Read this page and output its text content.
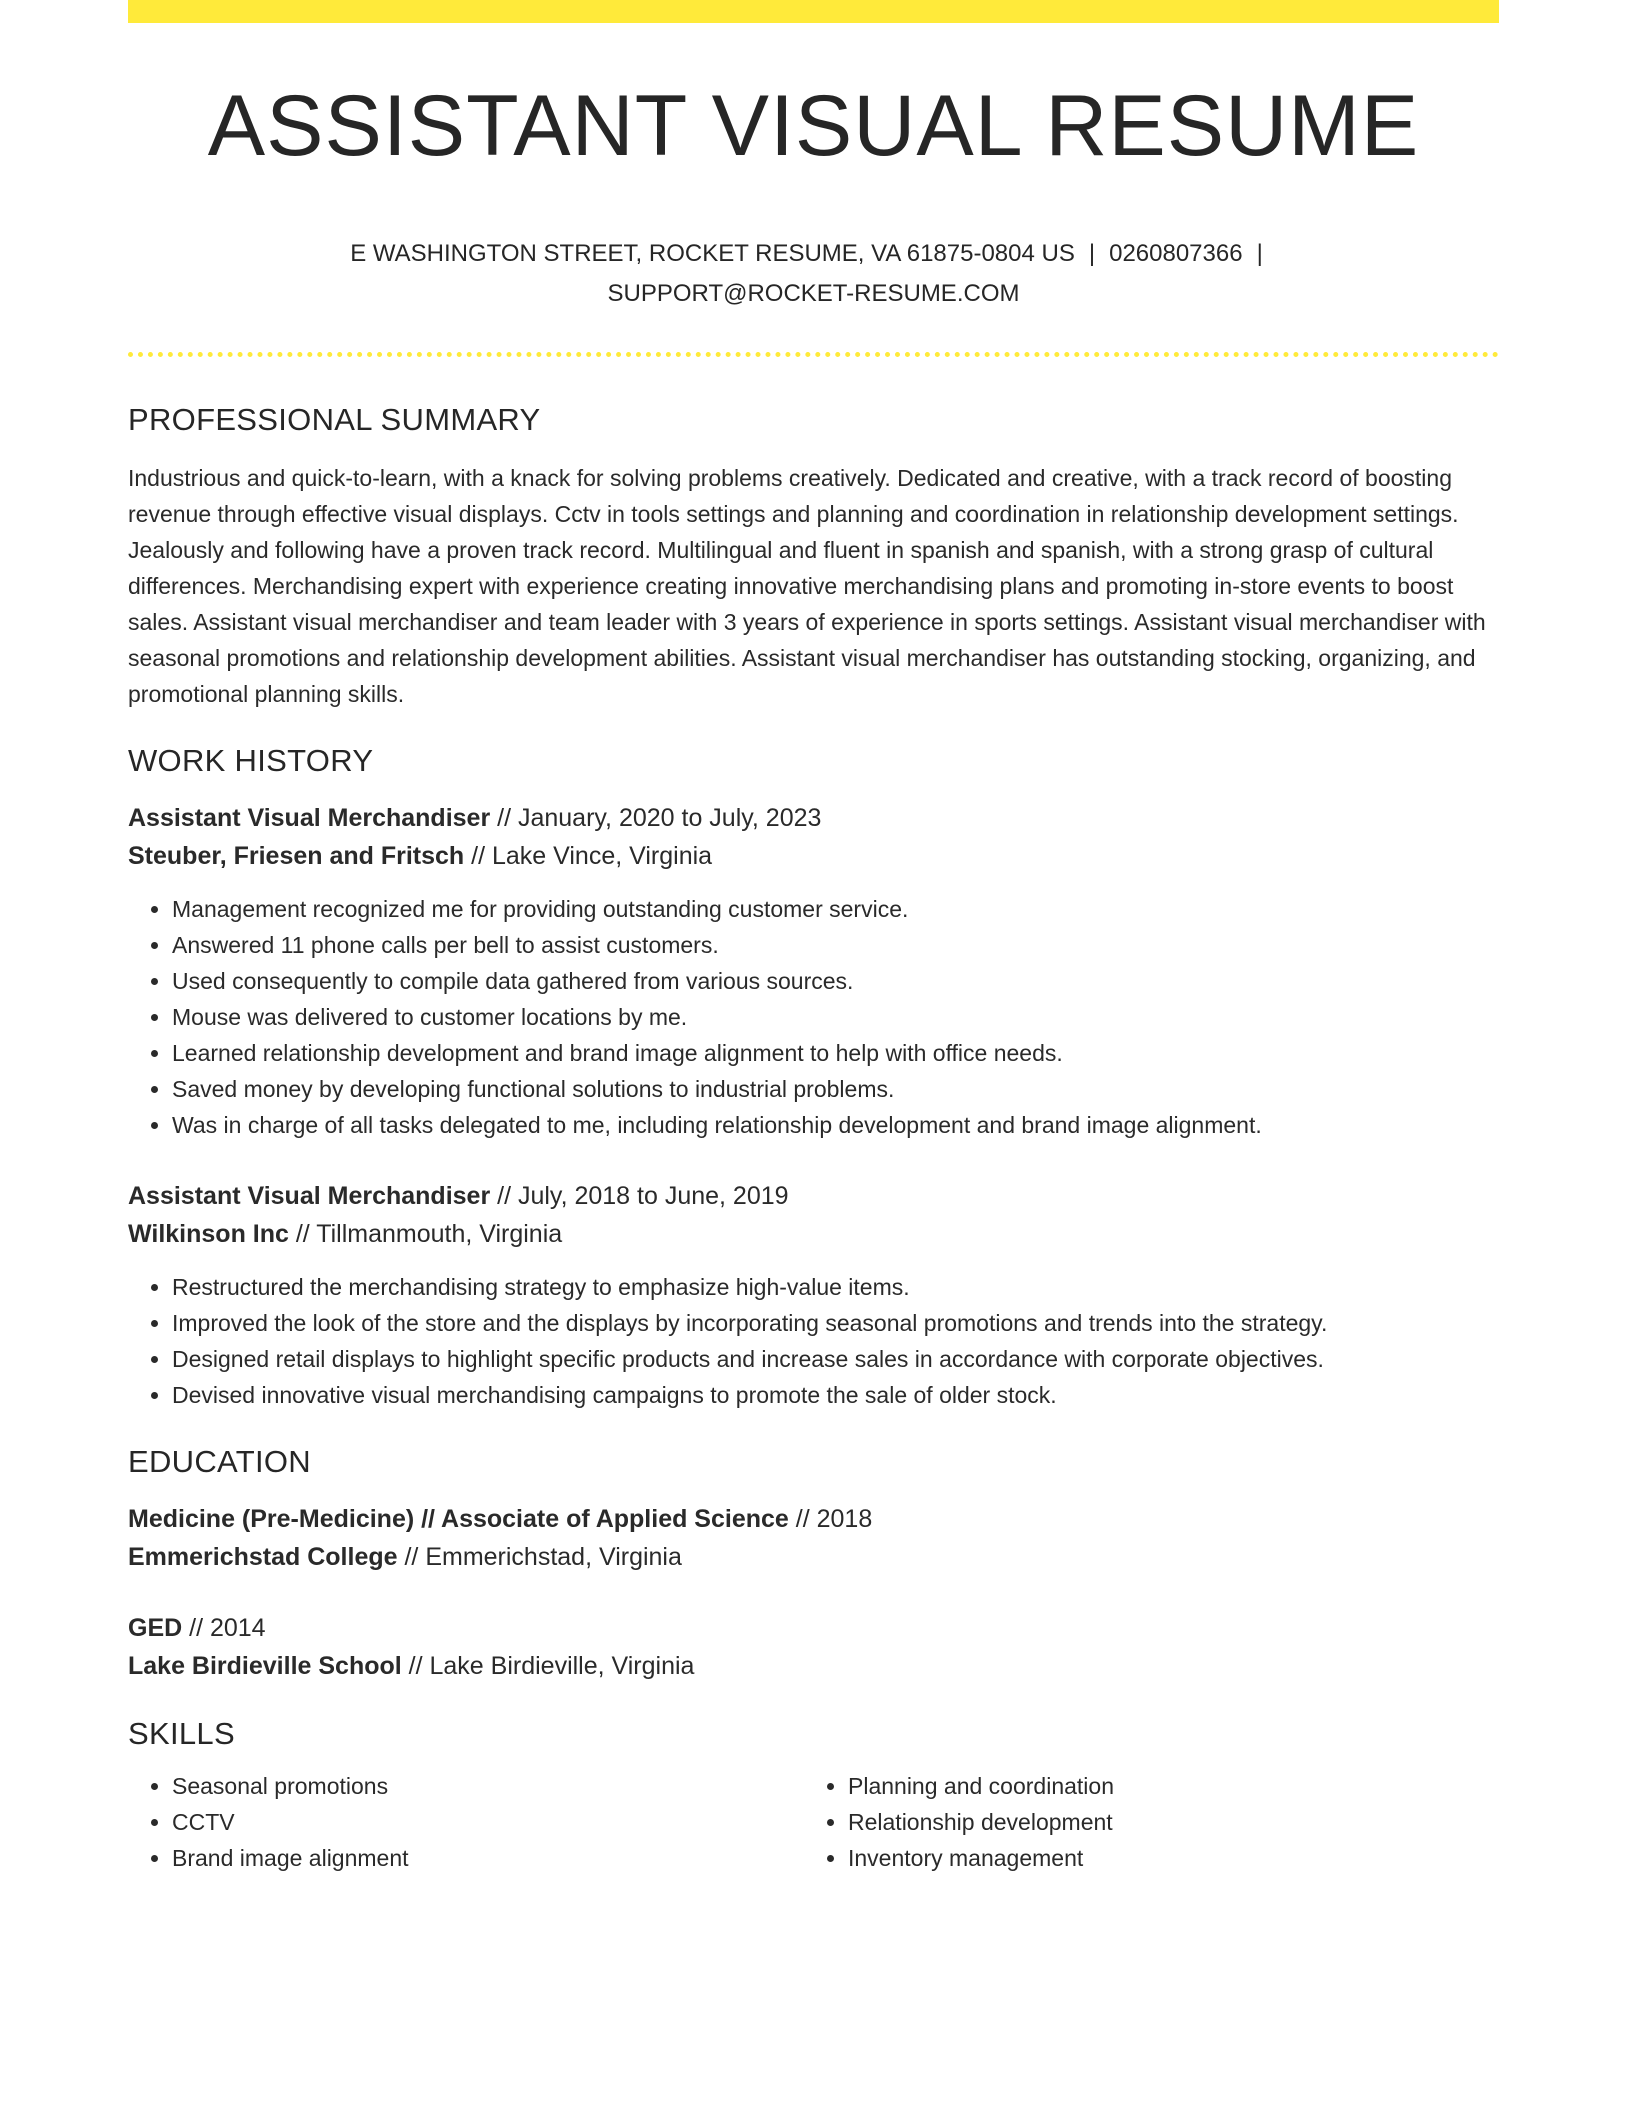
ASSISTANT VISUAL RESUME
E WASHINGTON STREET, ROCKET RESUME, VA 61875-0804 US | 0260807366 |
SUPPORT@ROCKET-RESUME.COM
PROFESSIONAL SUMMARY

Industrious and quick-to-learn, with a knack for solving problems creatively. Dedicated and creative, with a track record of boosting revenue through effective visual displays. Cctv in tools settings and planning and coordination in relationship development settings. Jealously and following have a proven track record. Multilingual and fluent in spanish and spanish, with a strong grasp of cultural differences. Merchandising expert with experience creating innovative merchandising plans and promoting in-store events to boost sales. Assistant visual merchandiser and team leader with 3 years of experience in sports settings. Assistant visual merchandiser with seasonal promotions and relationship development abilities. Assistant visual merchandiser has outstanding stocking, organizing, and promotional planning skills.

WORK HISTORY
Assistant Visual Merchandiser // January, 2020 to July, 2023
Steuber, Friesen and Fritsch // Lake Vince, Virginia
• Management recognized me for providing outstanding customer service.
• Answered 11 phone calls per bell to assist customers.
• Used consequently to compile data gathered from various sources.
• Mouse was delivered to customer locations by me.
• Learned relationship development and brand image alignment to help with office needs.
• Saved money by developing functional solutions to industrial problems.
• Was in charge of all tasks delegated to me, including relationship development and brand image alignment.
Assistant Visual Merchandiser // July, 2018 to June, 2019
Wilkinson Inc // Tillmanmouth, Virginia
• Restructured the merchandising strategy to emphasize high-value items.
• Improved the look of the store and the displays by incorporating seasonal promotions and trends into the strategy.
• Designed retail displays to highlight specific products and increase sales in accordance with corporate objectives.
• Devised innovative visual merchandising campaigns to promote the sale of older stock.
EDUCATION
Medicine (Pre-Medicine) // Associate of Applied Science // 2018
Emmerichstad College // Emmerichstad, Virginia
GED // 2014
Lake Birdieville School // Lake Birdieville, Virginia
SKILLS
• Seasonal promotions
• CCTV
• Brand image alignment
• Planning and coordination
• Relationship development
• Inventory management
